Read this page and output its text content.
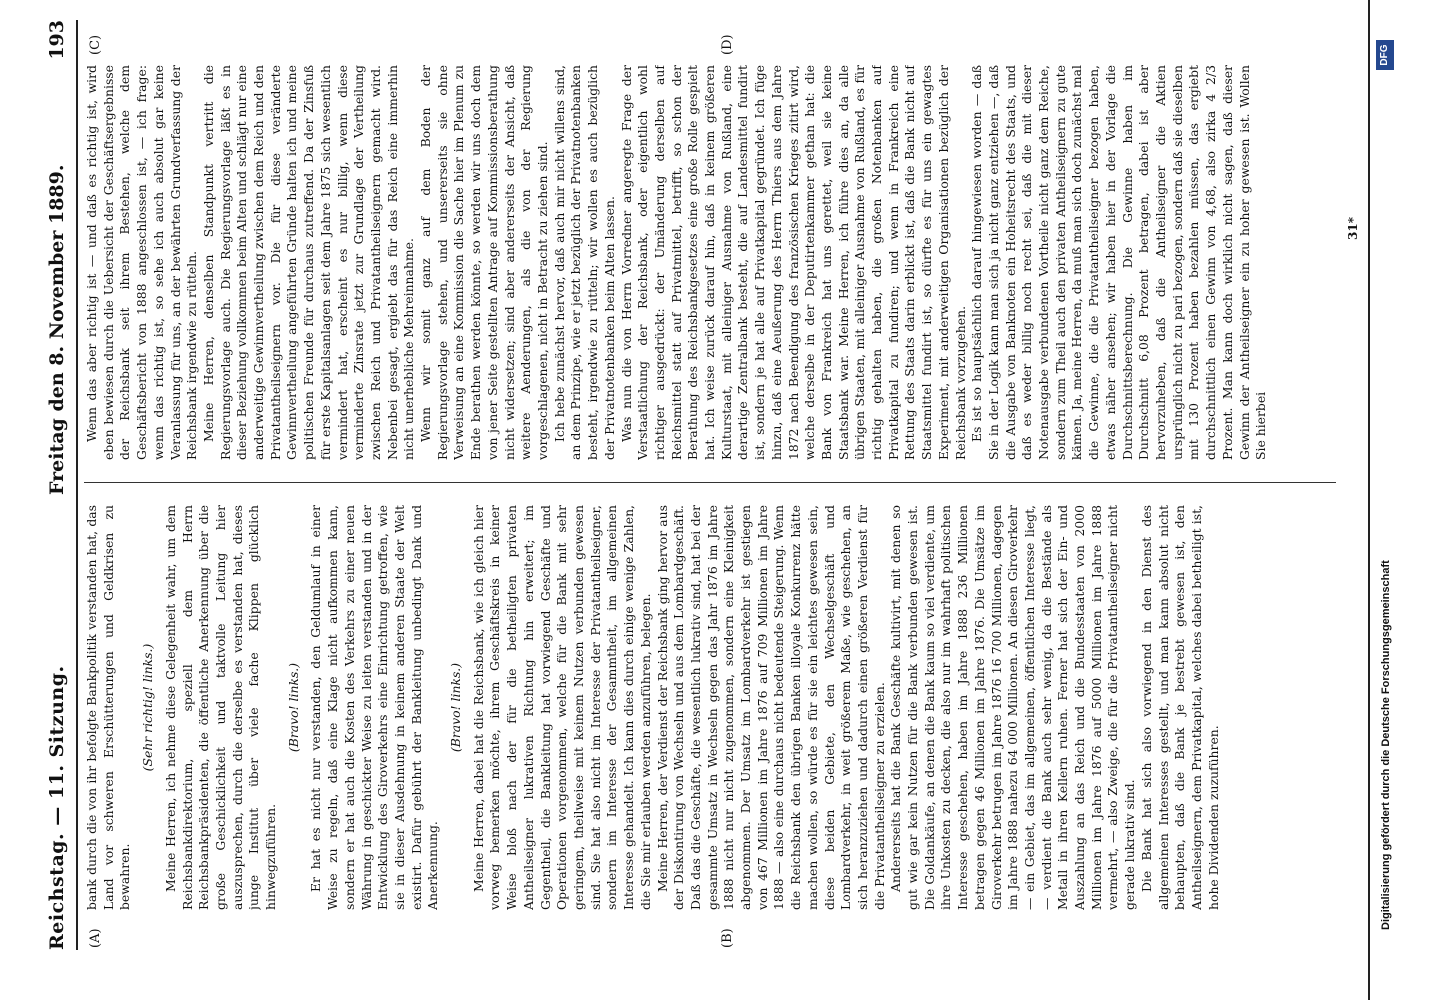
Reichstag. — 11. Sitzung.
Freitag den 8. November 1889.
193
(A)	(B)
(C)	(D)

bank durch die von ihr befolgte Bankpolitik verstanden hat, das Land vor schweren Erschütterungen und Geldkrisen zu bewahren.

(Sehr richtig! links.) Meine Herren, ich nehme diese Gelegenheit wahr, um dem Reichsbankdirektorium, speziell dem Herrn Reichsbankpräsidenten, die öffentliche Anerkennung über die große Geschicklichkeit und taktvolle Leitung hier auszusprechen, durch die derselbe es verstanden hat, dieses junge Institut über viele fache Klippen glücklich hinwegzuführen.

(Bravo! links.) Er hat es nicht nur verstanden, den Geldumlauf in einer Weise zu regeln, daß eine Klage nicht aufkommen kann, sondern er hat auch die Kosten des Verkehrs zu einer neuen Währung in geschickter Weise zu leiten verstanden und in der Entwicklung des Giroverkehrs eine Einrichtung getroffen, wie sie in dieser Ausdehnung in keinem anderen Staate der Welt existirt. Dafür gebührt der Bankleitung unbedingt Dank und Anerkennung.

(Bravo! links.) Meine Herren, dabei hat die Reichsbank, wie ich gleich hier vorweg bemerken möchte, ihrem Geschäftskreis in keiner Weise bloß nach der für die betheiligten privaten Antheilseigner lukrativen Richtung hin erweitert; im Gegentheil, die Bankleitung hat vorwiegend Geschäfte und Operationen vorgenommen, welche für die Bank mit sehr geringem, theilweise mit keinem Nutzen verbunden gewesen sind. Sie hat also nicht im Interesse der Privatantheilseigner, sondern im Interesse der Gesammtheit, im allgemeinen Interesse gehandelt. Ich kann dies durch einige wenige Zahlen, die Sie mir erlauben werden anzuführen, belegen. Meine Herren, der Verdienst der Reichsbank ging hervor aus der Diskontirung von Wechseln und aus dem Lombardgeschäft. Daß das die Geschäfte, die wesentlich lukrativ sind, hat bei der gesammte Umsatz in Wechseln gegen das Jahr 1876 im Jahre 1888 nicht nur nicht zugenommen, sondern eine Kleinigkeit abgenommen. Der Umsatz im Lombardverkehr ist gestiegen von 467 Millionen im Jahre 1876 auf 709 Millionen im Jahre 1888 — also eine durchaus nicht bedeutende Steigerung. Wenn die Reichsbank den übrigen Banken illoyale Konkurrenz hätte machen wollen, so würde es für sie ein leichtes gewesen sein, diese beiden Gebiete, den Wechselgeschäft und Lombardverkehr, in weit größerem Maße, wie geschehen, an sich heranzuziehen und dadurch einen größeren Verdienst für die Privatantheilseigner zu erzielen. Andererseits hat die Bank Geschäfte kultivirt, mit denen so gut wie gar kein Nutzen für die Bank verbunden gewesen ist. Die Goldankäufe, an denen die Bank kaum so viel verdiente, um ihre Unkosten zu decken, die also nur im wahrhaft politischen Interesse geschehen, haben im Jahre 1888 236 Millionen betragen gegen 46 Millionen im Jahre 1876. Die Umsätze im Giroverkehr betrugen im Jahre 1876 16 700 Millionen, dagegen im Jahre 1888 nahezu 64 000 Millionen. An diesen Giroverkehr — ein Gebiet, das im allgemeinen, öffentlichen Interesse liegt, — verdient die Bank auch sehr wenig, da die Bestände als Metall in ihren Kellern ruhen. Ferner hat sich der Ein- und Auszahlung an das Reich und die Bundesstaaten von 2000 Millionen im Jahre 1876 auf 5000 Millionen im Jahre 1888 vermehrt, — also Zweige, die für die Privatantheilseigner nicht gerade lukrativ sind. Die Bank hat sich also vorwiegend in den Dienst des allgemeinen Interesses gestellt, und man kann absolut nicht behaupten, daß die Bank je bestrebt gewesen ist, den Antheilseignern, dem Privatkapital, welches dabei betheiligt ist, hohe Dividenden zuzuführen.

Wenn das aber richtig ist — und daß es richtig ist, wird eben bewiesen durch die Uebersicht der Geschäftsergebnisse der Reichsbank seit ihrem Bestehen, welche dem Geschäftsbericht von 1888 angeschlossen ist, — ich frage: wenn das richtig ist, so sehe ich auch absolut gar keine Veranlassung für uns, an der bewährten Grundverfassung der Reichsbank irgendwie zu rütteln. Meine Herren, denselben Standpunkt vertritt die Regierungsvorlage auch. Die Regierungsvorlage läßt es in dieser Beziehung vollkommen beim Alten und schlägt nur eine anderweitige Gewinnvertheilung zwischen dem Reich und den Privatantheilseignern vor. Die für diese veränderte Gewinnvertheilung angeführten Gründe halten ich und meine politischen Freunde für durchaus zutreffend. Da der Zinsfuß für erste Kapitalsanlagen seit dem Jahre 1875 sich wesentlich vermindert hat, erscheint es nur billig, wenn diese verminderte Zinsrate jetzt zur Grundlage der Vertheilung zwischen Reich und Privatantheilseignern gemacht wird. Nebenbei gesagt, ergiebt das für das Reich eine immerhin nicht unerhebliche Mehreinnahme. Wenn wir somit ganz auf dem Boden der Regierungsvorlage stehen, und unsererseits sie ohne Verweisung an eine Kommission die Sache hier im Plenum zu Ende berathen werden könnte, so werden wir uns doch dem von jener Seite gestellten Antrage auf Kommissionsberathung nicht widersetzen; sind aber andererseits der Ansicht, daß weitere Aenderungen, als die von der Regierung vorgeschlagenen, nicht in Betracht zu ziehen sind. Ich hebe zunächst hervor, daß auch mir nicht willens sind, an dem Prinzipe, wie er jetzt bezüglich der Privatnotenbanken besteht, irgendwie zu rütteln; wir wollen es auch bezüglich der Privatnotenbanken beim Alten lassen. Was nun die von Herrn Vorredner angeregte Frage der Verstaatlichung der Reichsbank, oder eigentlich wohl richtiger ausgedrückt: der Umänderung derselben auf Reichsmittel statt auf Privatmittel, betrifft, so schon der Berathung des Reichsbankgesetzes eine große Rolle gespielt hat. Ich weise zurück darauf hin, daß in keinem größeren Kulturstaat, mit alleiniger Ausnahme von Rußland, eine derartige Zentralbank besteht, die auf Landesmittel fundirt ist, sondern je hat alle auf Privatkapital gegründet. Ich füge hinzu, daß eine Aeußerung des Herrn Thiers aus dem Jahre 1872 nach Beendigung des französischen Krieges zitirt wird, welche derselbe in der Deputirtenkammer gethan hat: die Bank von Frankreich hat uns gerettet, weil sie keine Staatsbank war. Meine Herren, ich führe dies an, da alle übrigen Staaten, mit alleiniger Ausnahme von Rußland, es für richtig gehalten haben, die großen Notenbanken auf Privatkapital zu fundiren; und wenn in Frankreich eine Rettung des Staats darin erblickt ist, daß die Bank nicht auf Staatsmittel fundirt ist, so dürfte es für uns ein gewagtes Experiment, mit anderweitigen Organisationen bezüglich der Reichsbank vorzugehen. Es ist so hauptsächlich darauf hingewiesen worden — daß Sie in der Logik kann man sich ja nicht ganz entziehen —, daß die Ausgabe von Banknoten ein Hoheitsrecht des Staats, und daß es weder billig noch recht sei, daß die mit dieser Notenausgabe verbundenen Vortheile nicht ganz dem Reiche, sondern zum Theil auch den privaten Antheilseignern zu gute kämen. Ja, meine Herren, da muß man sich doch zunächst mal die Gewinne, die die Privatantheilseigner bezogen haben, etwas näher ansehen; wir haben hier in der Vorlage die Durchschnittsberechnung. Die Gewinne haben im Durchschnitt 6,08 Prozent betragen, dabei ist aber hervorzuheben, daß die Antheilseigner die Aktien ursprünglich nicht zu pari bezogen, sondern daß sie dieselben mit 130 Prozent haben bezahlen müssen, das ergiebt durchschnittlich einen Gewinn von 4,68, also zirka 4 2/3 Prozent. Man kann doch wirklich nicht sagen, daß dieser Gewinn der Antheilseigner ein zu hoher gewesen ist. Wollen Sie hierbei

31*
Digitalisierung gefördert durch die Deutsche Forschungsgemeinschaft
DFG
